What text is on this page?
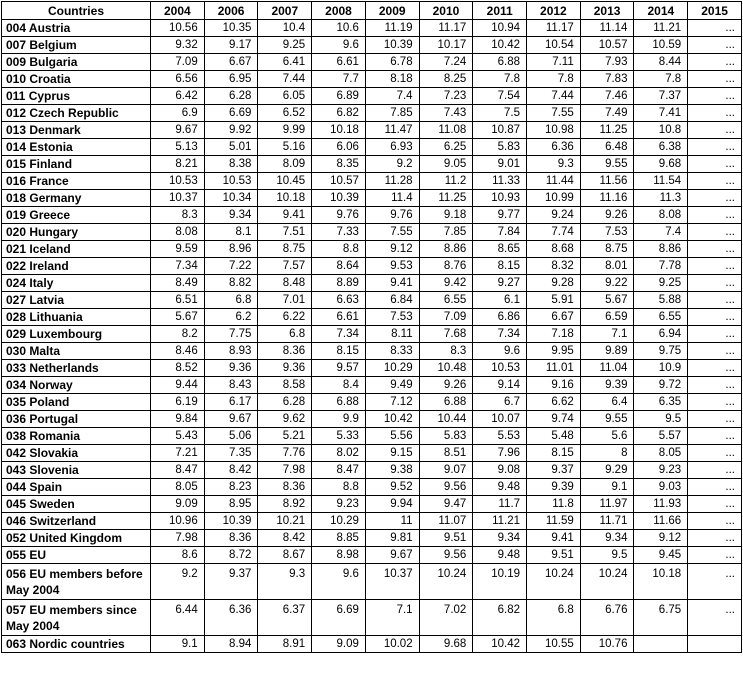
Countries	2004	2006	2007	2008	2009	2010	2011	2012	2013	2014	2015
004 Austria	10.56	10.35	10.4	10.6	11.19	11.17	10.94	11.17	11.14	11.21	...
007 Belgium	9.32	9.17	9.25	9.6	10.39	10.17	10.42	10.54	10.57	10.59	...
009 Bulgaria	7.09	6.67	6.41	6.61	6.78	7.24	6.88	7.11	7.93	8.44	...
010 Croatia	6.56	6.95	7.44	7.7	8.18	8.25	7.8	7.8	7.83	7.8	...
011 Cyprus	6.42	6.28	6.05	6.89	7.4	7.23	7.54	7.44	7.46	7.37	...
012 Czech Republic	6.9	6.69	6.52	6.82	7.85	7.43	7.5	7.55	7.49	7.41	...
013 Denmark	9.67	9.92	9.99	10.18	11.47	11.08	10.87	10.98	11.25	10.8	...
014 Estonia	5.13	5.01	5.16	6.06	6.93	6.25	5.83	6.36	6.48	6.38	...
015 Finland	8.21	8.38	8.09	8.35	9.2	9.05	9.01	9.3	9.55	9.68	...
016 France	10.53	10.53	10.45	10.57	11.28	11.2	11.33	11.44	11.56	11.54	...
018 Germany	10.37	10.34	10.18	10.39	11.4	11.25	10.93	10.99	11.16	11.3	...
019 Greece	8.3	9.34	9.41	9.76	9.76	9.18	9.77	9.24	9.26	8.08	...
020 Hungary	8.08	8.1	7.51	7.33	7.55	7.85	7.84	7.74	7.53	7.4	...
021 Iceland	9.59	8.96	8.75	8.8	9.12	8.86	8.65	8.68	8.75	8.86	...
022 Ireland	7.34	7.22	7.57	8.64	9.53	8.76	8.15	8.32	8.01	7.78	...
024 Italy	8.49	8.82	8.48	8.89	9.41	9.42	9.27	9.28	9.22	9.25	...
027 Latvia	6.51	6.8	7.01	6.63	6.84	6.55	6.1	5.91	5.67	5.88	...
028 Lithuania	5.67	6.2	6.22	6.61	7.53	7.09	6.86	6.67	6.59	6.55	...
029 Luxembourg	8.2	7.75	6.8	7.34	8.11	7.68	7.34	7.18	7.1	6.94	...
030 Malta	8.46	8.93	8.36	8.15	8.33	8.3	9.6	9.95	9.89	9.75	...
033 Netherlands	8.52	9.36	9.36	9.57	10.29	10.48	10.53	11.01	11.04	10.9	...
034 Norway	9.44	8.43	8.58	8.4	9.49	9.26	9.14	9.16	9.39	9.72	...
035 Poland	6.19	6.17	6.28	6.88	7.12	6.88	6.7	6.62	6.4	6.35	...
036 Portugal	9.84	9.67	9.62	9.9	10.42	10.44	10.07	9.74	9.55	9.5	...
038 Romania	5.43	5.06	5.21	5.33	5.56	5.83	5.53	5.48	5.6	5.57	...
042 Slovakia	7.21	7.35	7.76	8.02	9.15	8.51	7.96	8.15	8	8.05	...
043 Slovenia	8.47	8.42	7.98	8.47	9.38	9.07	9.08	9.37	9.29	9.23	...
044 Spain	8.05	8.23	8.36	8.8	9.52	9.56	9.48	9.39	9.1	9.03	...
045 Sweden	9.09	8.95	8.92	9.23	9.94	9.47	11.7	11.8	11.97	11.93	...
046 Switzerland	10.96	10.39	10.21	10.29	11	11.07	11.21	11.59	11.71	11.66	...
052 United Kingdom	7.98	8.36	8.42	8.85	9.81	9.51	9.34	9.41	9.34	9.12	...
055 EU	8.6	8.72	8.67	8.98	9.67	9.56	9.48	9.51	9.5	9.45	...
056 EU members before May 2004	9.2	9.37	9.3	9.6	10.37	10.24	10.19	10.24	10.24	10.18	...
057 EU members since May 2004	6.44	6.36	6.37	6.69	7.1	7.02	6.82	6.8	6.76	6.75	...
063 Nordic countries	9.1	8.94	8.91	9.09	10.02	9.68	10.42	10.55	10.76		
